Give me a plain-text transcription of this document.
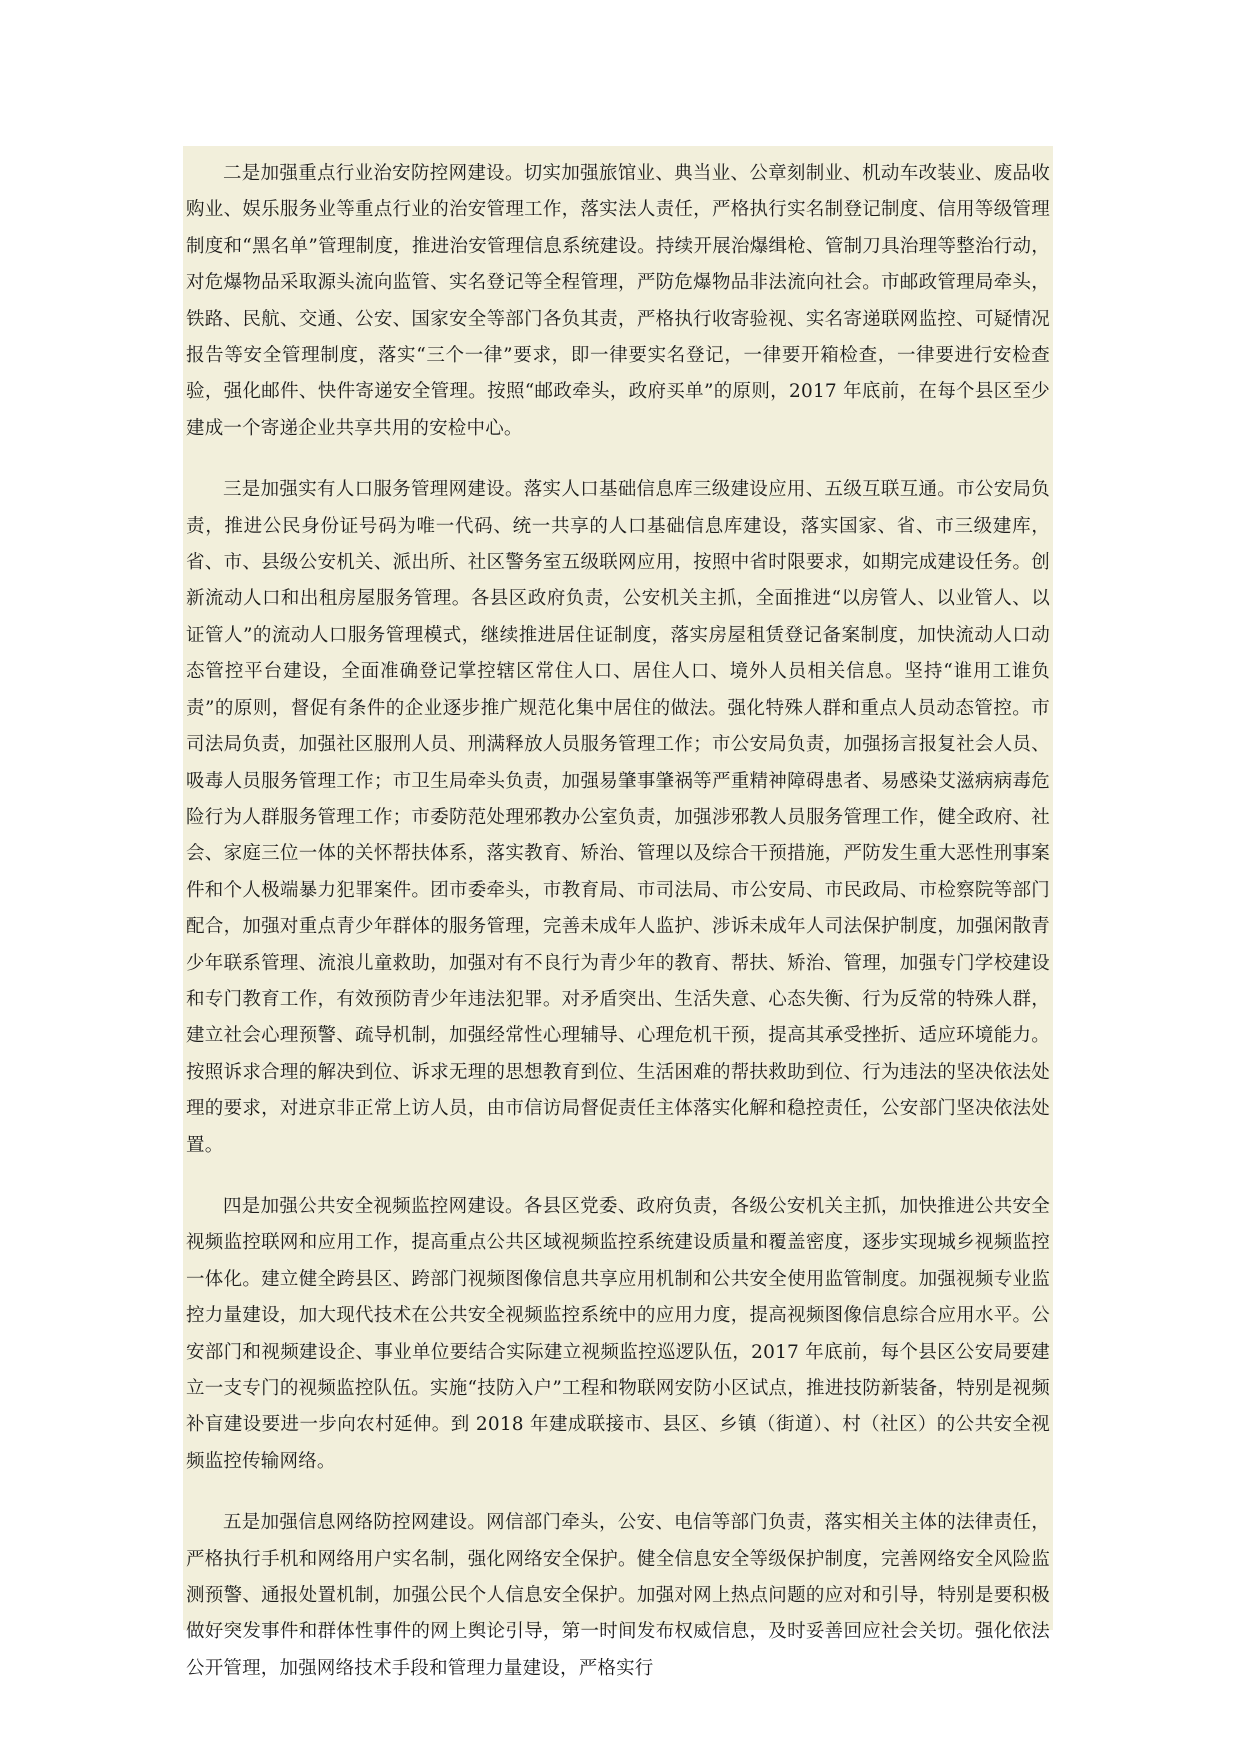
二是加强重点行业治安防控网建设。切实加强旅馆业、典当业、公章刻制业、机动车改装业、废品收购业、娱乐服务业等重点行业的治安管理工作，落实法人责任，严格执行实名制登记制度、信用等级管理制度和“黑名单”管理制度，推进治安管理信息系统建设。持续开展治爆缉枪、管制刀具治理等整治行动，对危爆物品采取源头流向监管、实名登记等全程管理，严防危爆物品非法流向社会。市邮政管理局牵头，铁路、民航、交通、公安、国家安全等部门各负其责，严格执行收寄验视、实名寄递联网监控、可疑情况报告等安全管理制度，落实“三个一律”要求，即一律要实名登记，一律要开箱检查，一律要进行安检查验，强化邮件、快件寄递安全管理。按照“邮政牵头，政府买单”的原则，2017 年底前，在每个县区至少建成一个寄递企业共享共用的安检中心。

三是加强实有人口服务管理网建设。落实人口基础信息库三级建设应用、五级互联互通。市公安局负责，推进公民身份证号码为唯一代码、统一共享的人口基础信息库建设，落实国家、省、市三级建库，省、市、县级公安机关、派出所、社区警务室五级联网应用，按照中省时限要求，如期完成建设任务。创新流动人口和出租房屋服务管理。各县区政府负责，公安机关主抓，全面推进“以房管人、以业管人、以证管人”的流动人口服务管理模式，继续推进居住证制度，落实房屋租赁登记备案制度，加快流动人口动态管控平台建设，全面准确登记掌控辖区常住人口、居住人口、境外人员相关信息。坚持“谁用工谁负责”的原则，督促有条件的企业逐步推广规范化集中居住的做法。强化特殊人群和重点人员动态管控。市司法局负责，加强社区服刑人员、刑满释放人员服务管理工作；市公安局负责，加强扬言报复社会人员、吸毒人员服务管理工作；市卫生局牵头负责，加强易肇事肇祸等严重精神障碍患者、易感染艾滋病病毒危险行为人群服务管理工作；市委防范处理邪教办公室负责，加强涉邪教人员服务管理工作，健全政府、社会、家庭三位一体的关怀帮扶体系，落实教育、矫治、管理以及综合干预措施，严防发生重大恶性刑事案件和个人极端暴力犯罪案件。团市委牵头，市教育局、市司法局、市公安局、市民政局、市检察院等部门配合，加强对重点青少年群体的服务管理，完善未成年人监护、涉诉未成年人司法保护制度，加强闲散青少年联系管理、流浪儿童救助，加强对有不良行为青少年的教育、帮扶、矫治、管理，加强专门学校建设和专门教育工作，有效预防青少年违法犯罪。对矛盾突出、生活失意、心态失衡、行为反常的特殊人群，建立社会心理预警、疏导机制，加强经常性心理辅导、心理危机干预，提高其承受挫折、适应环境能力。按照诉求合理的解决到位、诉求无理的思想教育到位、生活困难的帮扶救助到位、行为违法的坚决依法处理的要求，对进京非正常上访人员，由市信访局督促责任主体落实化解和稳控责任，公安部门坚决依法处置。

四是加强公共安全视频监控网建设。各县区党委、政府负责，各级公安机关主抓，加快推进公共安全视频监控联网和应用工作，提高重点公共区域视频监控系统建设质量和覆盖密度，逐步实现城乡视频监控一体化。建立健全跨县区、跨部门视频图像信息共享应用机制和公共安全使用监管制度。加强视频专业监控力量建设，加大现代技术在公共安全视频监控系统中的应用力度，提高视频图像信息综合应用水平。公安部门和视频建设企、事业单位要结合实际建立视频监控巡逻队伍，2017 年底前，每个县区公安局要建立一支专门的视频监控队伍。实施“技防入户”工程和物联网安防小区试点，推进技防新装备，特别是视频补盲建设要进一步向农村延伸。到 2018 年建成联接市、县区、乡镇（街道）、村（社区）的公共安全视频监控传输网络。

五是加强信息网络防控网建设。网信部门牵头，公安、电信等部门负责，落实相关主体的法律责任，严格执行手机和网络用户实名制，强化网络安全保护。健全信息安全等级保护制度，完善网络安全风险监测预警、通报处置机制，加强公民个人信息安全保护。加强对网上热点问题的应对和引导，特别是要积极做好突发事件和群体性事件的网上舆论引导，第一时间发布权威信息，及时妥善回应社会关切。强化依法公开管理，加强网络技术手段和管理力量建设，严格实行
